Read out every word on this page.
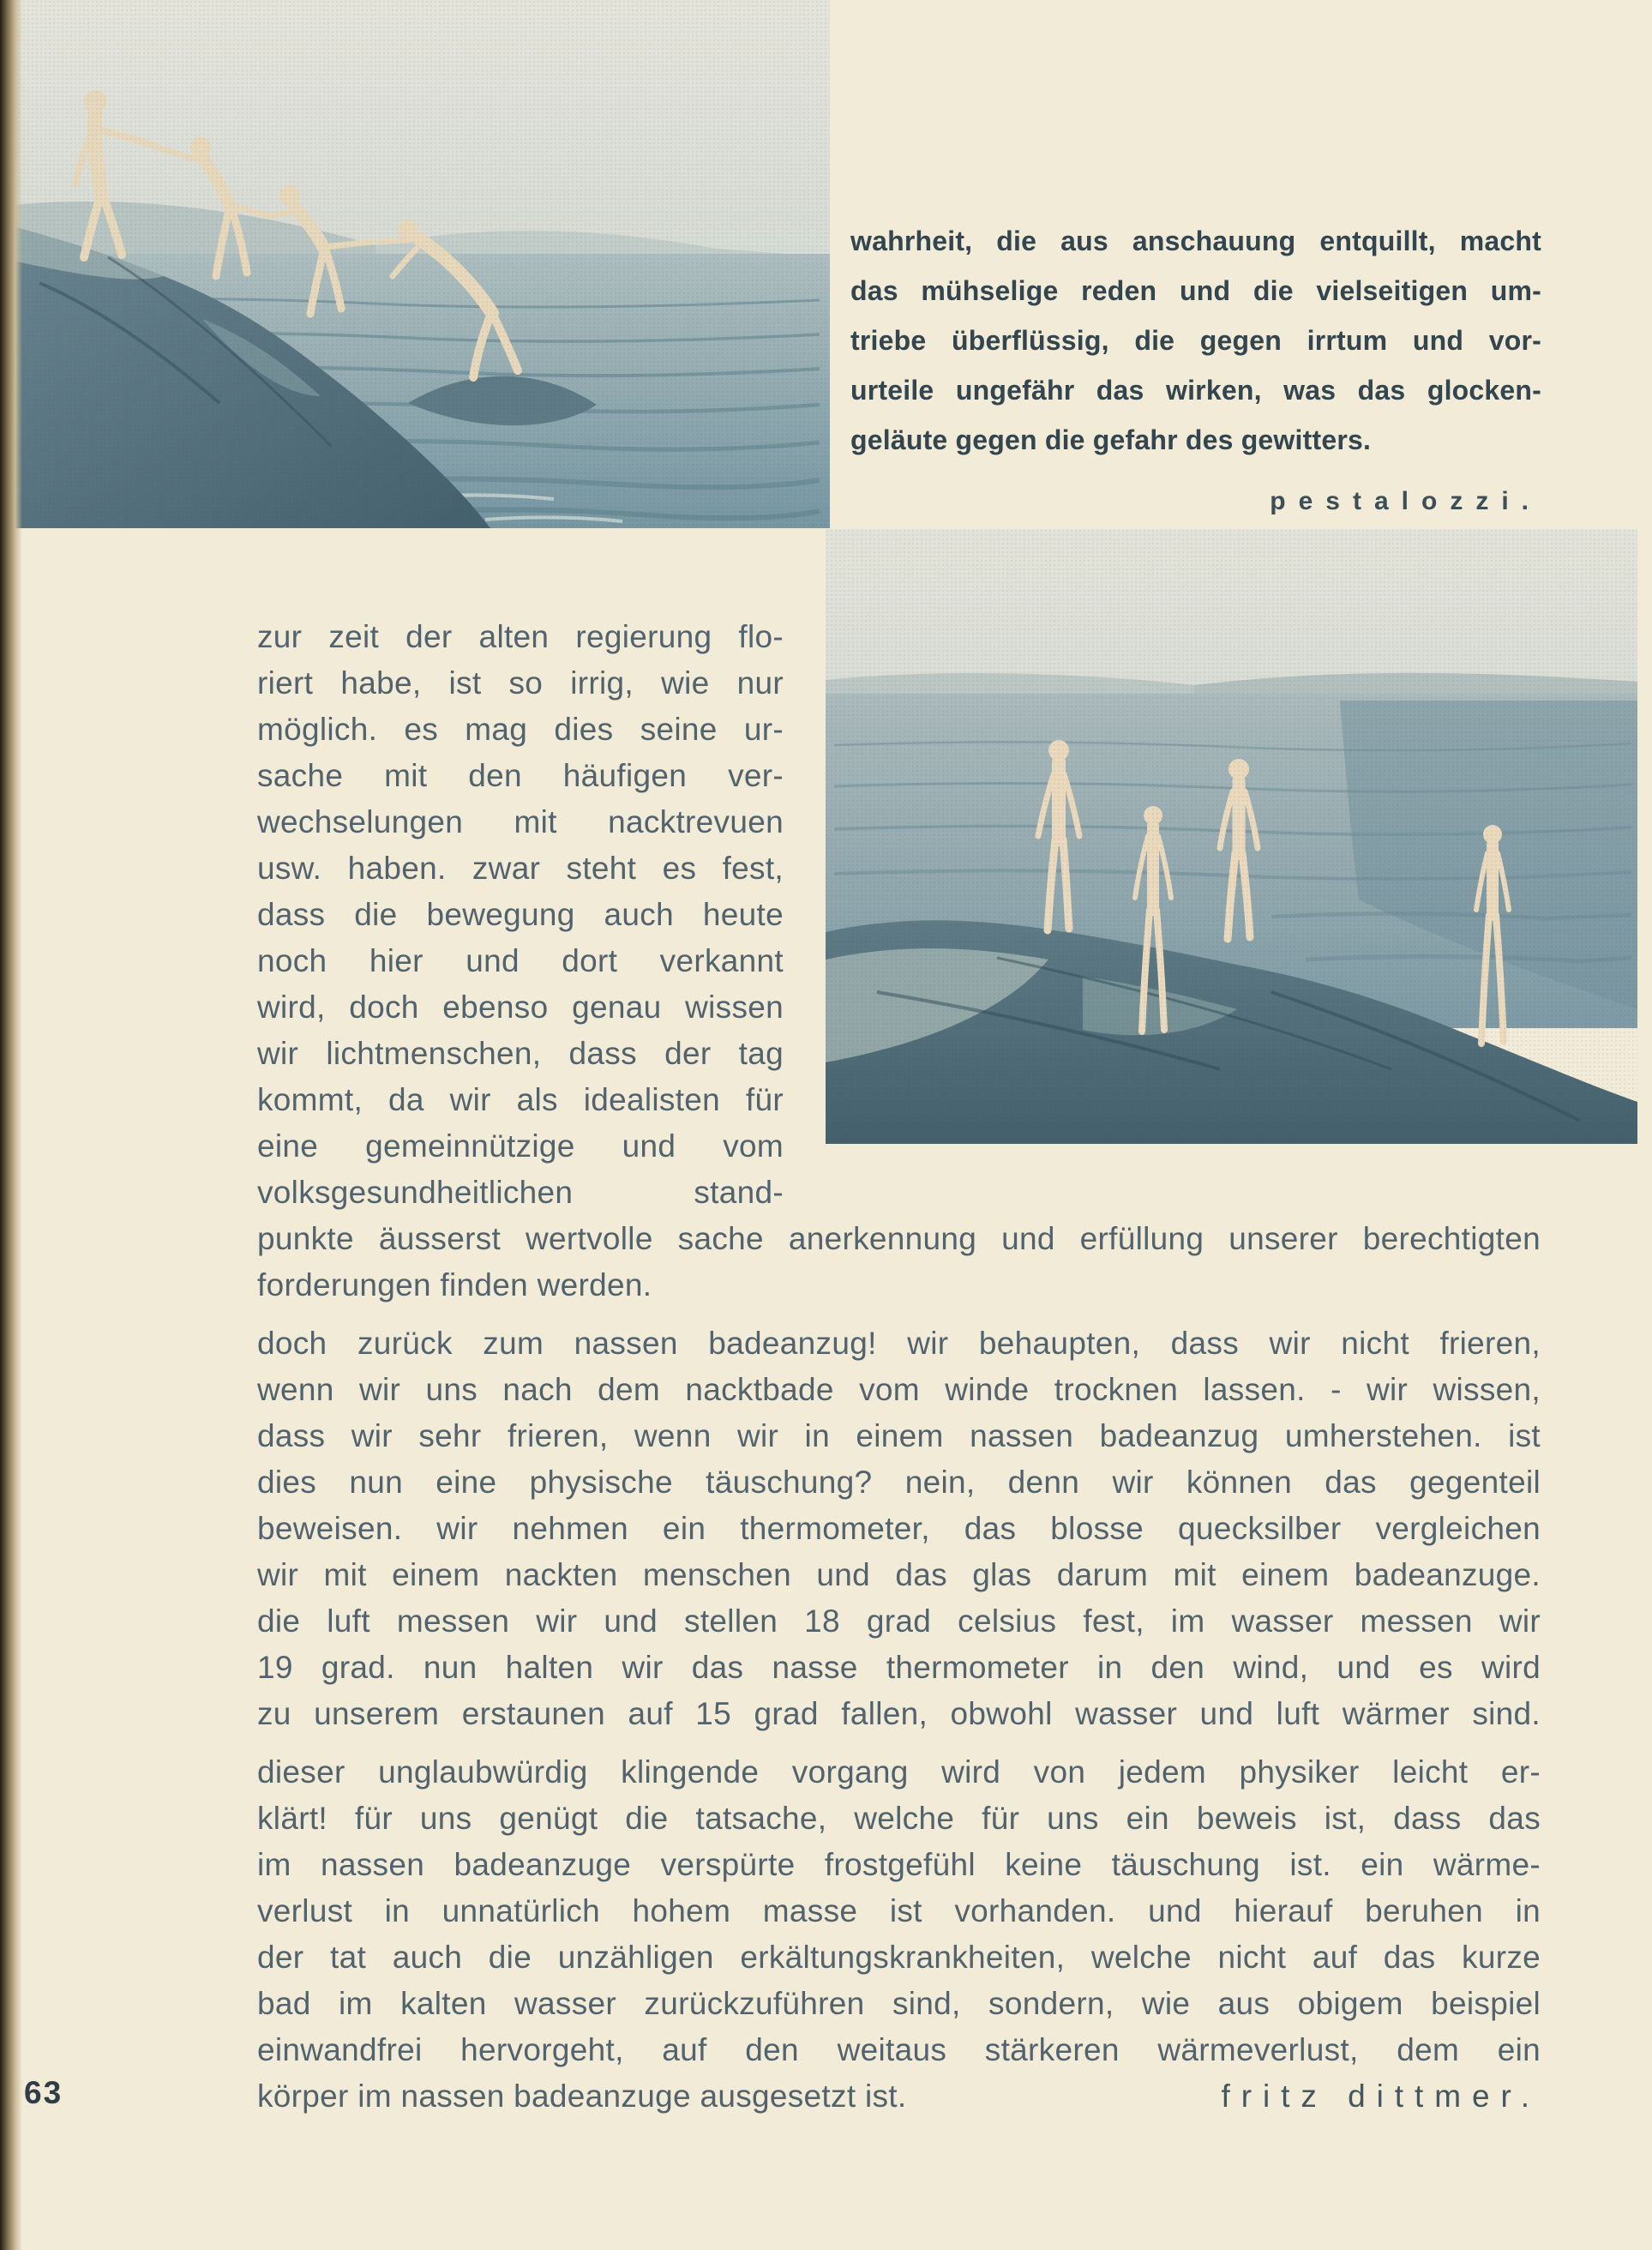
wahrheit, die aus anschauung entquillt, macht
das mühselige reden und die vielseitigen um-
triebe überflüssig, die gegen irrtum und vor-
urteile ungefähr das wirken, was das glocken-
geläute gegen die gefahr des gewitters.
pestalozzi.
zur zeit der alten regierung flo-
riert habe, ist so irrig, wie nur
möglich. es mag dies seine ur-
sache mit den häufigen ver-
wechselungen mit nacktrevuen
usw. haben. zwar steht es fest,
dass die bewegung auch heute
noch hier und dort verkannt
wird, doch ebenso genau wissen
wir lichtmenschen, dass der tag
kommt, da wir als idealisten für
eine gemeinnützige und vom
volksgesundheitlichen stand-
punkte äusserst wertvolle sache anerkennung und erfüllung unserer berechtigten
forderungen finden werden.
doch zurück zum nassen badeanzug! wir behaupten, dass wir nicht frieren,
wenn wir uns nach dem nacktbade vom winde trocknen lassen. - wir wissen,
dass wir sehr frieren, wenn wir in einem nassen badeanzug umherstehen. ist
dies nun eine physische täuschung? nein, denn wir können das gegenteil
beweisen. wir nehmen ein thermometer, das blosse quecksilber vergleichen
wir mit einem nackten menschen und das glas darum mit einem badeanzuge.
die luft messen wir und stellen 18 grad celsius fest, im wasser messen wir
19 grad. nun halten wir das nasse thermometer in den wind, und es wird
zu unserem erstaunen auf 15 grad fallen, obwohl wasser und luft wärmer sind.
dieser unglaubwürdig klingende vorgang wird von jedem physiker leicht er-
klärt! für uns genügt die tatsache, welche für uns ein beweis ist, dass das
im nassen badeanzuge verspürte frostgefühl keine täuschung ist. ein wärme-
verlust in unnatürlich hohem masse ist vorhanden. und hierauf beruhen in
der tat auch die unzähligen erkältungskrankheiten, welche nicht auf das kurze
bad im kalten wasser zurückzuführen sind, sondern, wie aus obigem beispiel
einwandfrei hervorgeht, auf den weitaus stärkeren wärmeverlust, dem ein
körper im nassen badeanzuge ausgesetzt ist.	fritz dittmer.
63
